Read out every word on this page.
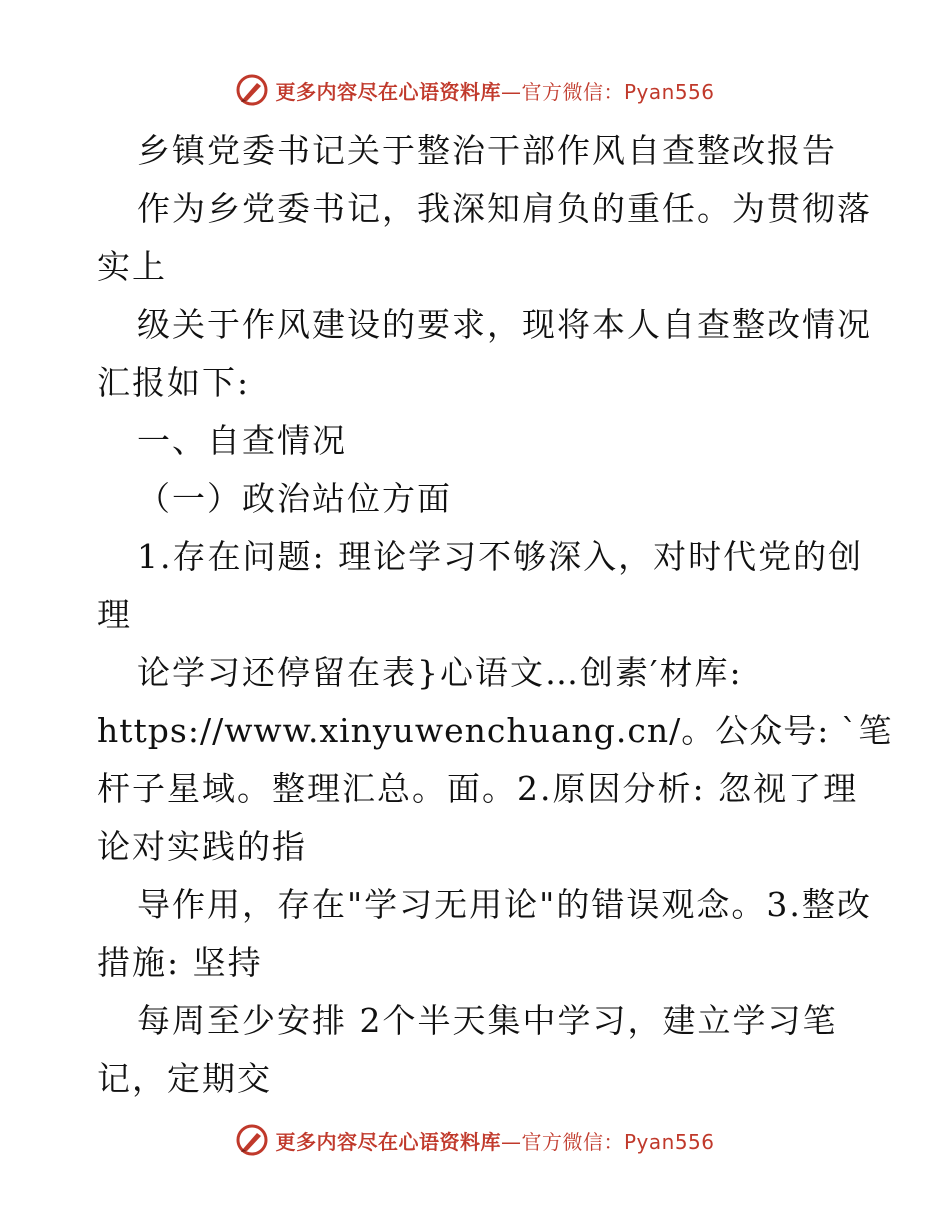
更多内容尽在心语资料库—官方微信：Pyan556
乡镇党委书记关于整治干部作风自查整改报告
作为乡党委书记，我深知肩负的重任。为贯彻落
实上
级关于作风建设的要求，现将本人自查整改情况
汇报如下:
一、自查情况
（一）政治站位方面
1.存在问题: 理论学习不够深入，对时代党的创
理
论学习还停留在表}心语文…创素′材库:
https://www.xinyuwenchuang.cn/。公众号: `笔
杆子星域。整理汇总。面。2.原因分析: 忽视了理
论对实践的指
导作用，存在"学习无用论"的错误观念。3.整改
措施: 坚持
每周至少安排 2个半天集中学习，建立学习笔
记，定期交
更多内容尽在心语资料库—官方微信：Pyan556
